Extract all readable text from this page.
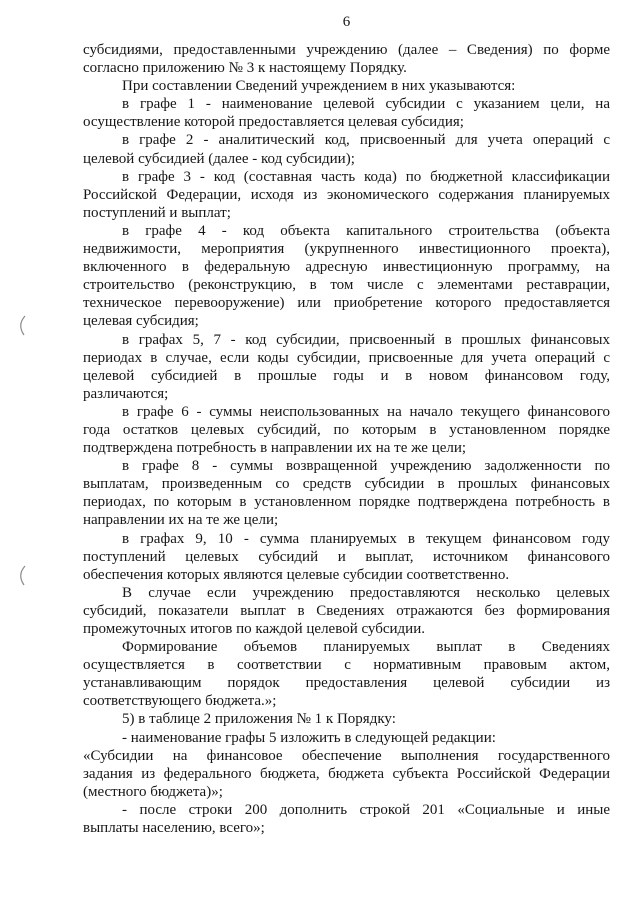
6
субсидиями, предоставленными учреждению (далее – Сведения) по форме
согласно приложению № 3 к настоящему Порядку.
При составлении Сведений учреждением в них указываются:
в графе 1 - наименование целевой субсидии с указанием цели, на
осуществление которой предоставляется целевая субсидия;
в графе 2 - аналитический код, присвоенный для учета операций с
целевой субсидией (далее - код субсидии);
в графе 3 - код (составная часть кода) по бюджетной классификации
Российской Федерации, исходя из экономического содержания планируемых
поступлений и выплат;
в графе 4 - код объекта капитального строительства (объекта
недвижимости, мероприятия (укрупненного инвестиционного проекта),
включенного в федеральную адресную инвестиционную программу, на
строительство (реконструкцию, в том числе с элементами реставрации,
техническое перевооружение) или приобретение которого предоставляется
целевая субсидия;
в графах 5, 7 - код субсидии, присвоенный в прошлых финансовых
периодах в случае, если коды субсидии, присвоенные для учета операций с
целевой субсидией в прошлые годы и в новом финансовом году,
различаются;
в графе 6 - суммы неиспользованных на начало текущего финансового
года остатков целевых субсидий, по которым в установленном порядке
подтверждена потребность в направлении их на те же цели;
в графе 8 - суммы возвращенной учреждению задолженности по
выплатам, произведенным со средств субсидии в прошлых финансовых
периодах, по которым в установленном порядке подтверждена потребность в
направлении их на те же цели;
в графах 9, 10 - сумма планируемых в текущем финансовом году
поступлений целевых субсидий и выплат, источником финансового
обеспечения которых являются целевые субсидии соответственно.
В случае если учреждению предоставляются несколько целевых
субсидий, показатели выплат в Сведениях отражаются без формирования
промежуточных итогов по каждой целевой субсидии.
Формирование объемов планируемых выплат в Сведениях
осуществляется в соответствии с нормативным правовым актом,
устанавливающим порядок предоставления целевой субсидии из
соответствующего бюджета.»;
5) в таблице 2 приложения № 1 к Порядку:
- наименование графы 5 изложить в следующей редакции:
«Субсидии на финансовое обеспечение выполнения государственного
задания из федерального бюджета, бюджета субъекта Российской Федерации
(местного бюджета)»;
- после строки 200 дополнить строкой 201 «Социальные и иные
выплаты населению, всего»;
